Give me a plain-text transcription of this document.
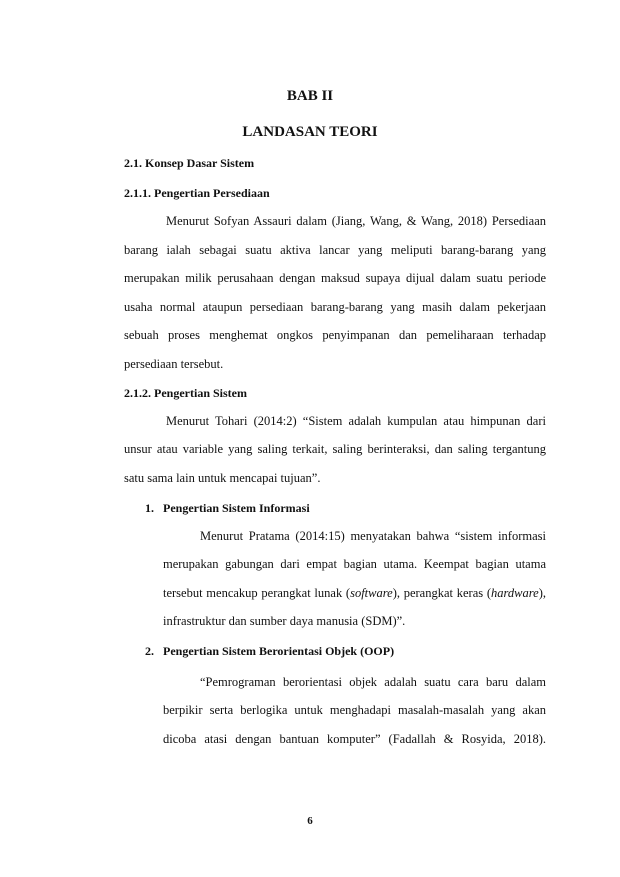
BAB II

LANDASAN TEORI

2.1. Konsep Dasar Sistem

2.1.1. Pengertian Persediaan

Menurut Sofyan Assauri dalam (Jiang, Wang, & Wang, 2018) Persediaan
barang ialah sebagai suatu aktiva lancar yang meliputi barang-barang yang
merupakan milik perusahaan dengan maksud supaya dijual dalam suatu periode
usaha normal ataupun persediaan barang-barang yang masih dalam pekerjaan
sebuah proses menghemat ongkos penyimpanan dan pemeliharaan terhadap
persediaan tersebut.

2.1.2. Pengertian Sistem

Menurut Tohari (2014:2) “Sistem adalah kumpulan atau himpunan dari
unsur atau variable yang saling terkait, saling berinteraksi, dan saling tergantung
satu sama lain untuk mencapai tujuan”.
1. Pengertian Sistem Informasi
Menurut Pratama (2014:15) menyatakan bahwa “sistem informasi
merupakan gabungan dari empat bagian utama. Keempat bagian utama
tersebut mencakup perangkat lunak (software), perangkat keras (hardware),
infrastruktur dan sumber daya manusia (SDM)”.
2. Pengertian Sistem Berorientasi Objek (OOP)
“Pemrograman berorientasi objek adalah suatu cara baru dalam
berpikir serta berlogika untuk menghadapi masalah-masalah yang akan
dicoba atasi dengan bantuan komputer” (Fadallah & Rosyida, 2018).

6
